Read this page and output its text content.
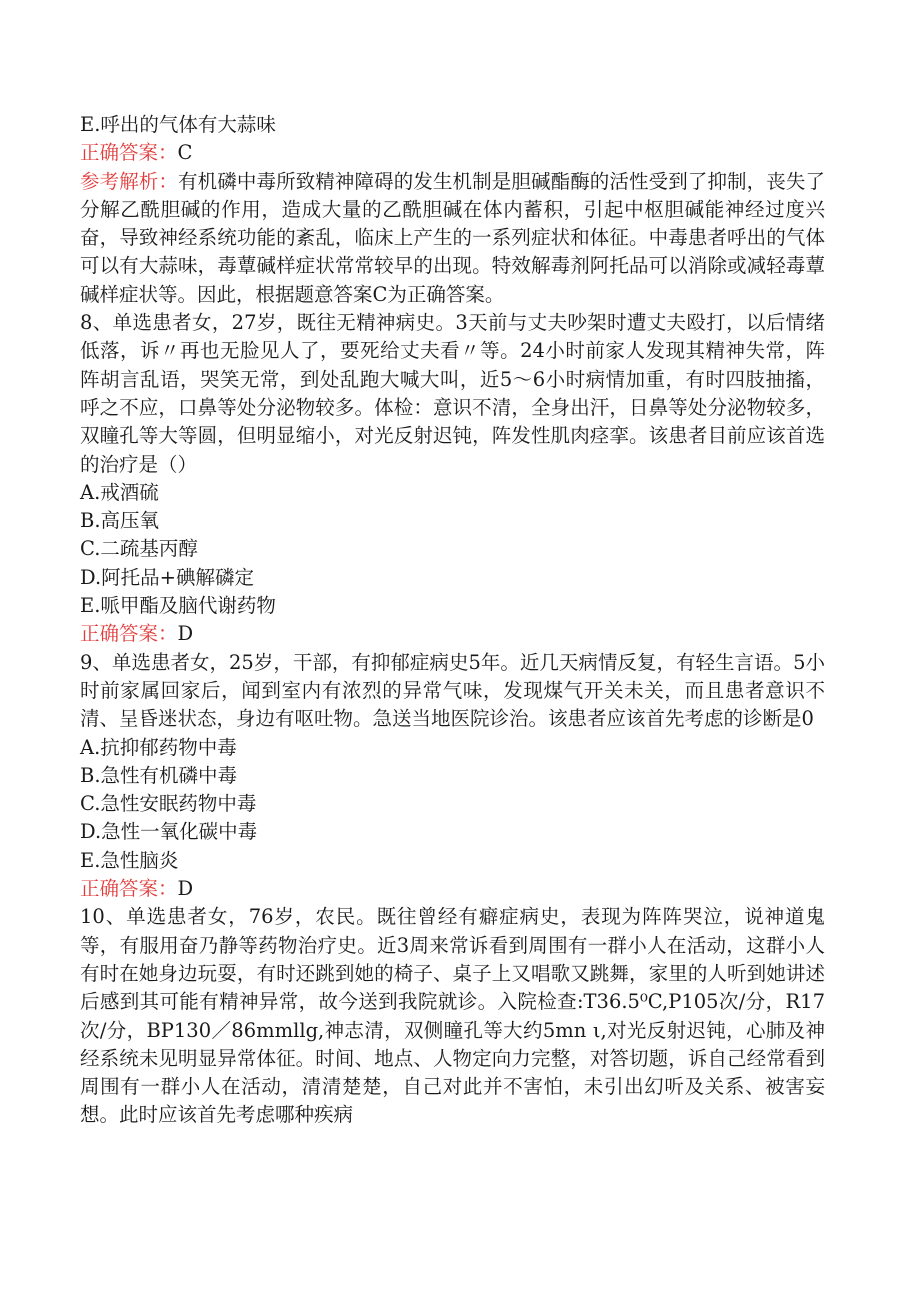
E.呼出的气体有大蒜味
正确答案：C
参考解析：有机磷中毒所致精神障碍的发生机制是胆碱酯酶的活性受到了抑制，丧失了分解乙酰胆碱的作用，造成大量的乙酰胆碱在体内蓄积，引起中枢胆碱能神经过度兴奋，导致神经系统功能的紊乱，临床上产生的一系列症状和体征。中毒患者呼出的气体可以有大蒜味，毒蕈碱样症状常常较早的出现。特效解毒剂阿托品可以消除或减轻毒蕈碱样症状等。因此，根据题意答案C为正确答案。
8、单选患者女，27岁，既往无精神病史。3天前与丈夫吵架时遭丈夫殴打，以后情绪低落，诉〃再也无脸见人了，要死给丈夫看〃等。24小时前家人发现其精神失常，阵阵胡言乱语，哭笑无常，到处乱跑大喊大叫，近5～6小时病情加重，有时四肢抽搐，呼之不应，口鼻等处分泌物较多。体检：意识不清，全身出汗，日鼻等处分泌物较多，双瞳孔等大等圆，但明显缩小，对光反射迟钝，阵发性肌肉痉挛。该患者目前应该首选的治疗是（）
A.戒酒硫
B.高压氧
C.二疏基丙醇
D.阿托品+碘解磷定
E.哌甲酯及脑代谢药物
正确答案：D
9、单选患者女，25岁，干部，有抑郁症病史5年。近几天病情反复，有轻生言语。5小时前家属回家后，闻到室内有浓烈的异常气味，发现煤气开关未关，而且患者意识不清、呈昏迷状态，身边有呕吐物。急送当地医院诊治。该患者应该首先考虑的诊断是0
A.抗抑郁药物中毒
B.急性有机磷中毒
C.急性安眠药物中毒
D.急性一氧化碳中毒
E.急性脑炎
正确答案：D
10、单选患者女，76岁，农民。既往曾经有癖症病史，表现为阵阵哭泣，说神道鬼等，有服用奋乃静等药物治疗史。近3周来常诉看到周围有一群小人在活动，这群小人有时在她身边玩耍，有时还跳到她的椅子、桌子上又唱歌又跳舞，家里的人听到她讲述后感到其可能有精神异常，故今送到我院就诊。入院检查:T36.5⁰C,P105次/分，R17次/分，BP130／86mmllg,神志清，双侧瞳孔等大约5mn ι,对光反射迟钝，心肺及神经系统未见明显异常体征。时间、地点、人物定向力完整，对答切题，诉自己经常看到周围有一群小人在活动，清清楚楚，自己对此并不害怕，未引出幻听及关系、被害妄想。此时应该首先考虑哪种疾病
